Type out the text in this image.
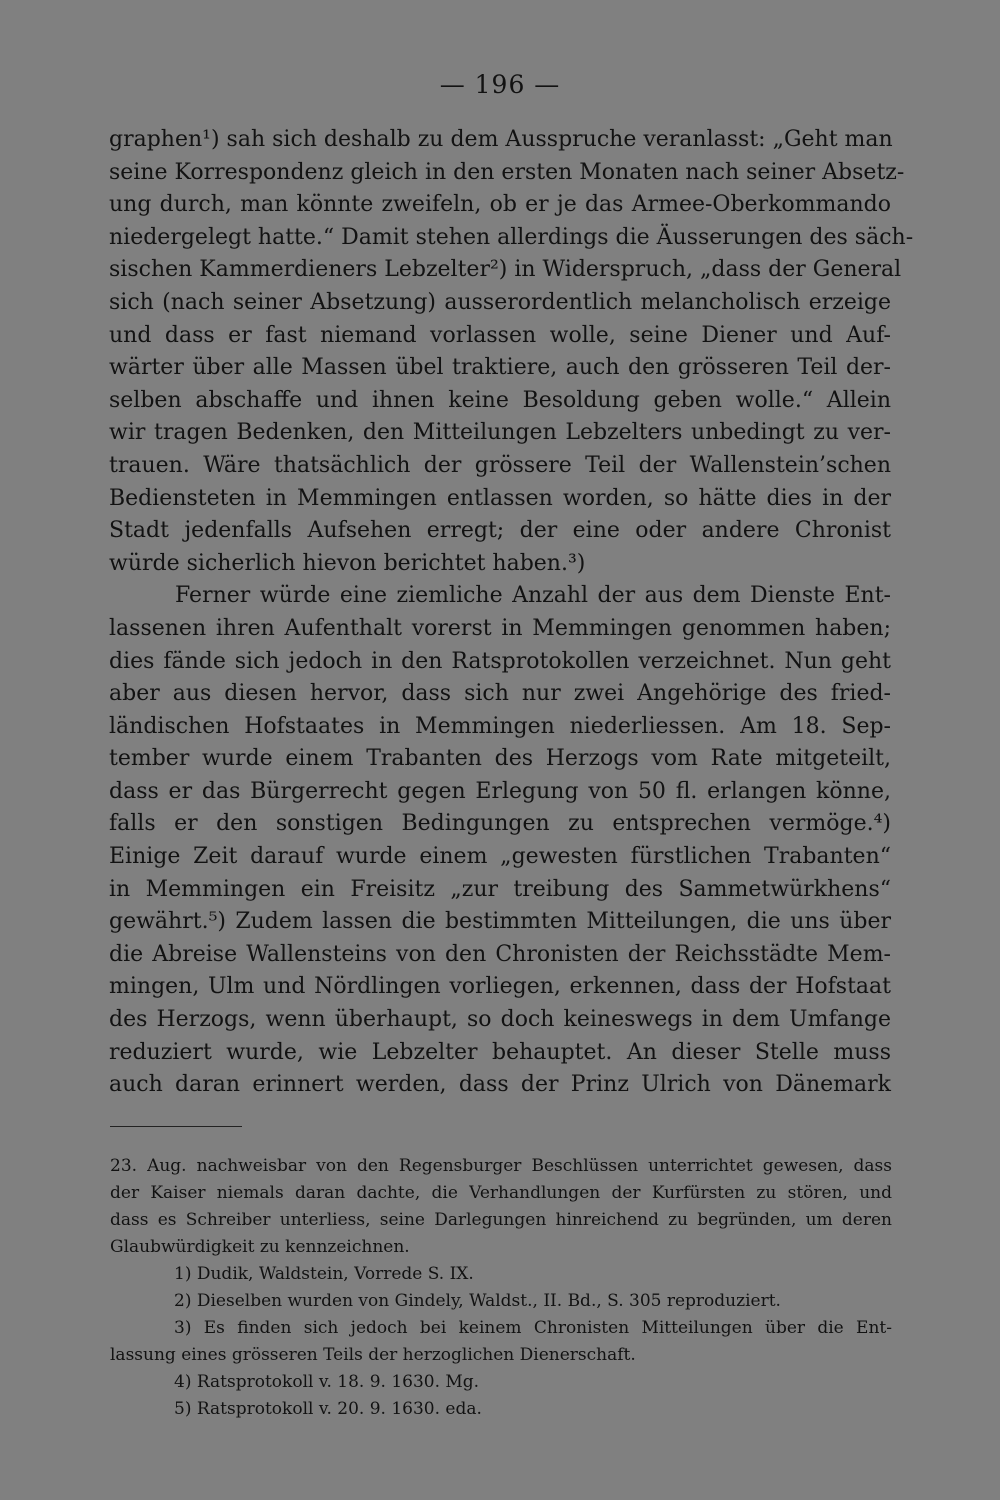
— 196 —
graphen¹) sah sich deshalb zu dem Ausspruche veranlasst: „Geht man
seine Korrespondenz gleich in den ersten Monaten nach seiner Absetz-
ung durch, man könnte zweifeln, ob er je das Armee-Oberkommando
niedergelegt hatte.“ Damit stehen allerdings die Äusserungen des säch-
sischen Kammerdieners Lebzelter²) in Widerspruch, „dass der General
sich (nach seiner Absetzung) ausserordentlich melancholisch erzeige
und dass er fast niemand vorlassen wolle, seine Diener und Auf-
wärter über alle Massen übel traktiere, auch den grösseren Teil der-
selben abschaffe und ihnen keine Besoldung geben wolle.“ Allein
wir tragen Bedenken, den Mitteilungen Lebzelters unbedingt zu ver-
trauen. Wäre thatsächlich der grössere Teil der Wallenstein’schen
Bediensteten in Memmingen entlassen worden, so hätte dies in der
Stadt jedenfalls Aufsehen erregt; der eine oder andere Chronist
würde sicherlich hievon berichtet haben.³)
Ferner würde eine ziemliche Anzahl der aus dem Dienste Ent-
lassenen ihren Aufenthalt vorerst in Memmingen genommen haben;
dies fände sich jedoch in den Ratsprotokollen verzeichnet. Nun geht
aber aus diesen hervor, dass sich nur zwei Angehörige des fried-
ländischen Hofstaates in Memmingen niederliessen. Am 18. Sep-
tember wurde einem Trabanten des Herzogs vom Rate mitgeteilt,
dass er das Bürgerrecht gegen Erlegung von 50 fl. erlangen könne,
falls er den sonstigen Bedingungen zu entsprechen vermöge.⁴)
Einige Zeit darauf wurde einem „gewesten fürstlichen Trabanten“
in Memmingen ein Freisitz „zur treibung des Sammetwürkhens“
gewährt.⁵) Zudem lassen die bestimmten Mitteilungen, die uns über
die Abreise Wallensteins von den Chronisten der Reichsstädte Mem-
mingen, Ulm und Nördlingen vorliegen, erkennen, dass der Hofstaat
des Herzogs, wenn überhaupt, so doch keineswegs in dem Umfange
reduziert wurde, wie Lebzelter behauptet. An dieser Stelle muss
auch daran erinnert werden, dass der Prinz Ulrich von Dänemark
23. Aug. nachweisbar von den Regensburger Beschlüssen unterrichtet gewesen, dass
der Kaiser niemals daran dachte, die Verhandlungen der Kurfürsten zu stören, und
dass es Schreiber unterliess, seine Darlegungen hinreichend zu begründen, um deren
Glaubwürdigkeit zu kennzeichnen.
1) Dudik, Waldstein, Vorrede S. IX.
2) Dieselben wurden von Gindely, Waldst., II. Bd., S. 305 reproduziert.
3) Es finden sich jedoch bei keinem Chronisten Mitteilungen über die Ent-
lassung eines grösseren Teils der herzoglichen Dienerschaft.
4) Ratsprotokoll v. 18. 9. 1630. Mg.
5) Ratsprotokoll v. 20. 9. 1630. eda.
